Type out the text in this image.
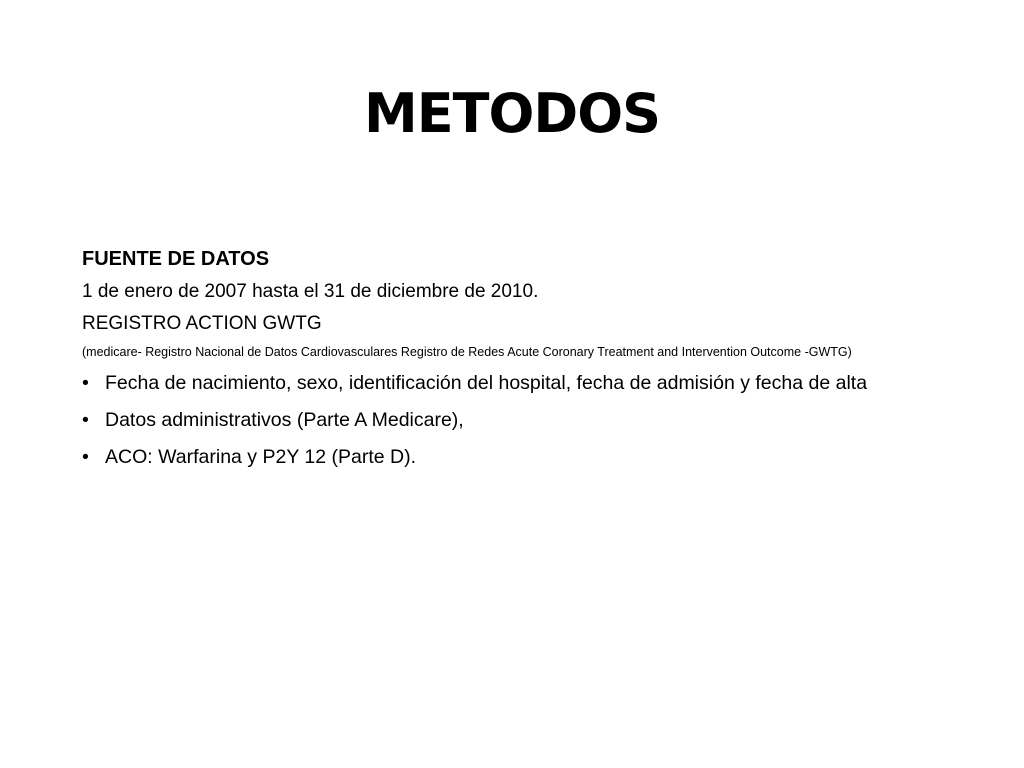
METODOS
FUENTE DE DATOS
1 de enero de 2007 hasta el 31 de diciembre de 2010.
REGISTRO ACTION GWTG
(medicare- Registro Nacional de Datos Cardiovasculares Registro de Redes Acute Coronary Treatment and Intervention Outcome -GWTG)
• Fecha de nacimiento, sexo, identificación del hospital, fecha de admisión y fecha de alta
• Datos administrativos (Parte A Medicare),
• ACO: Warfarina y P2Y 12 (Parte D).
